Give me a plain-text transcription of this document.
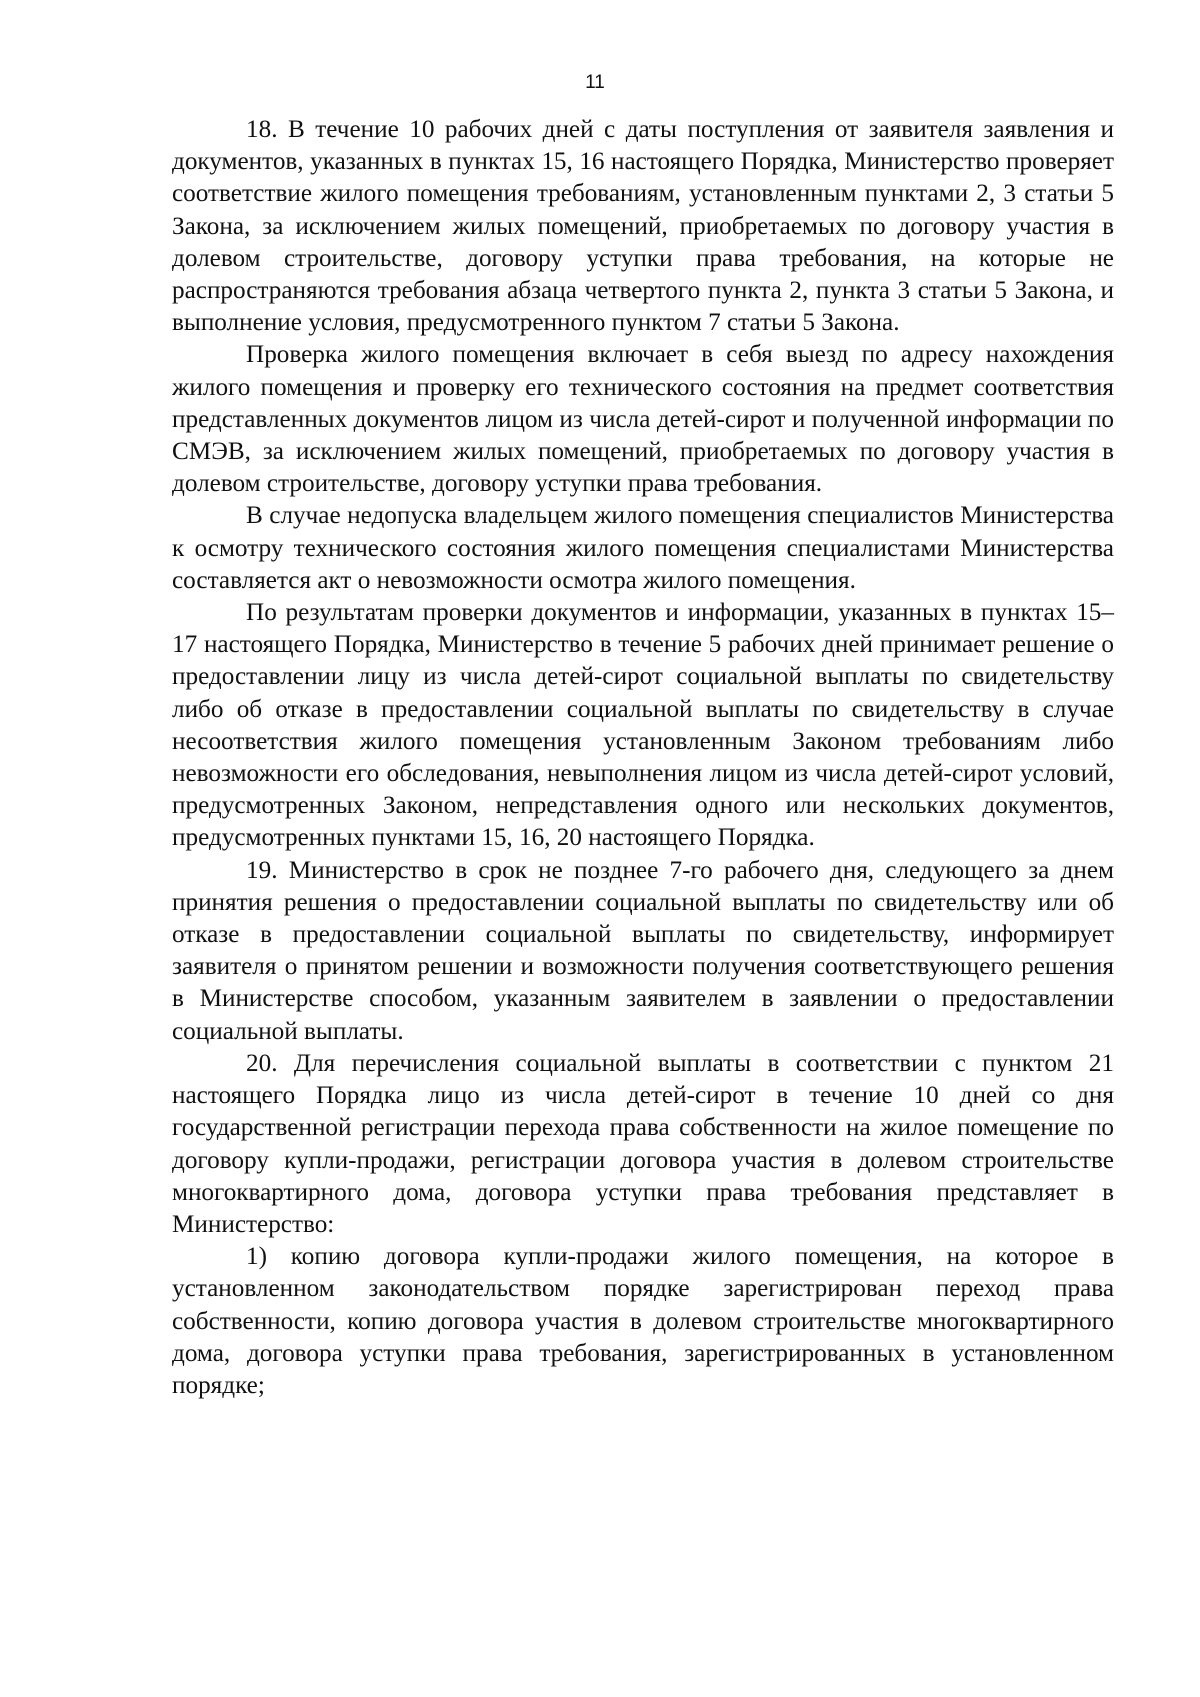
11

18. В течение 10 рабочих дней с даты поступления от заявителя заявления и документов, указанных в пунктах 15, 16 настоящего Порядка, Министерство проверяет соответствие жилого помещения требованиям, установленным пунктами 2, 3 статьи 5 Закона, за исключением жилых помещений, приобретаемых по договору участия в долевом строительстве, договору уступки права требования, на которые не распространяются требования абзаца четвертого пункта 2, пункта 3 статьи 5 Закона, и выполнение условия, предусмотренного пунктом 7 статьи 5 Закона.

Проверка жилого помещения включает в себя выезд по адресу нахождения жилого помещения и проверку его технического состояния на предмет соответствия представленных документов лицом из числа детей-сирот и полученной информации по СМЭВ, за исключением жилых помещений, приобретаемых по договору участия в долевом строительстве, договору уступки права требования.

В случае недопуска владельцем жилого помещения специалистов Министерства к осмотру технического состояния жилого помещения специалистами Министерства составляется акт о невозможности осмотра жилого помещения.

По результатам проверки документов и информации, указанных в пунктах 15–17 настоящего Порядка, Министерство в течение 5 рабочих дней принимает решение о предоставлении лицу из числа детей-сирот социальной выплаты по свидетельству либо об отказе в предоставлении социальной выплаты по свидетельству в случае несоответствия жилого помещения установленным Законом требованиям либо невозможности его обследования, невыполнения лицом из числа детей-сирот условий, предусмотренных Законом, непредставления одного или нескольких документов, предусмотренных пунктами 15, 16, 20 настоящего Порядка.

19. Министерство в срок не позднее 7-го рабочего дня, следующего за днем принятия решения о предоставлении социальной выплаты по свидетельству или об отказе в предоставлении социальной выплаты по свидетельству, информирует заявителя о принятом решении и возможности получения соответствующего решения в Министерстве способом, указанным заявителем в заявлении о предоставлении социальной выплаты.

20. Для перечисления социальной выплаты в соответствии с пунктом 21 настоящего Порядка лицо из числа детей-сирот в течение 10 дней со дня государственной регистрации перехода права собственности на жилое помещение по договору купли-продажи, регистрации договора участия в долевом строительстве многоквартирного дома, договора уступки права требования представляет в Министерство:

1) копию договора купли-продажи жилого помещения, на которое в установленном законодательством порядке зарегистрирован переход права собственности, копию договора участия в долевом строительстве многоквартирного дома, договора уступки права требования, зарегистрированных в установленном порядке;
